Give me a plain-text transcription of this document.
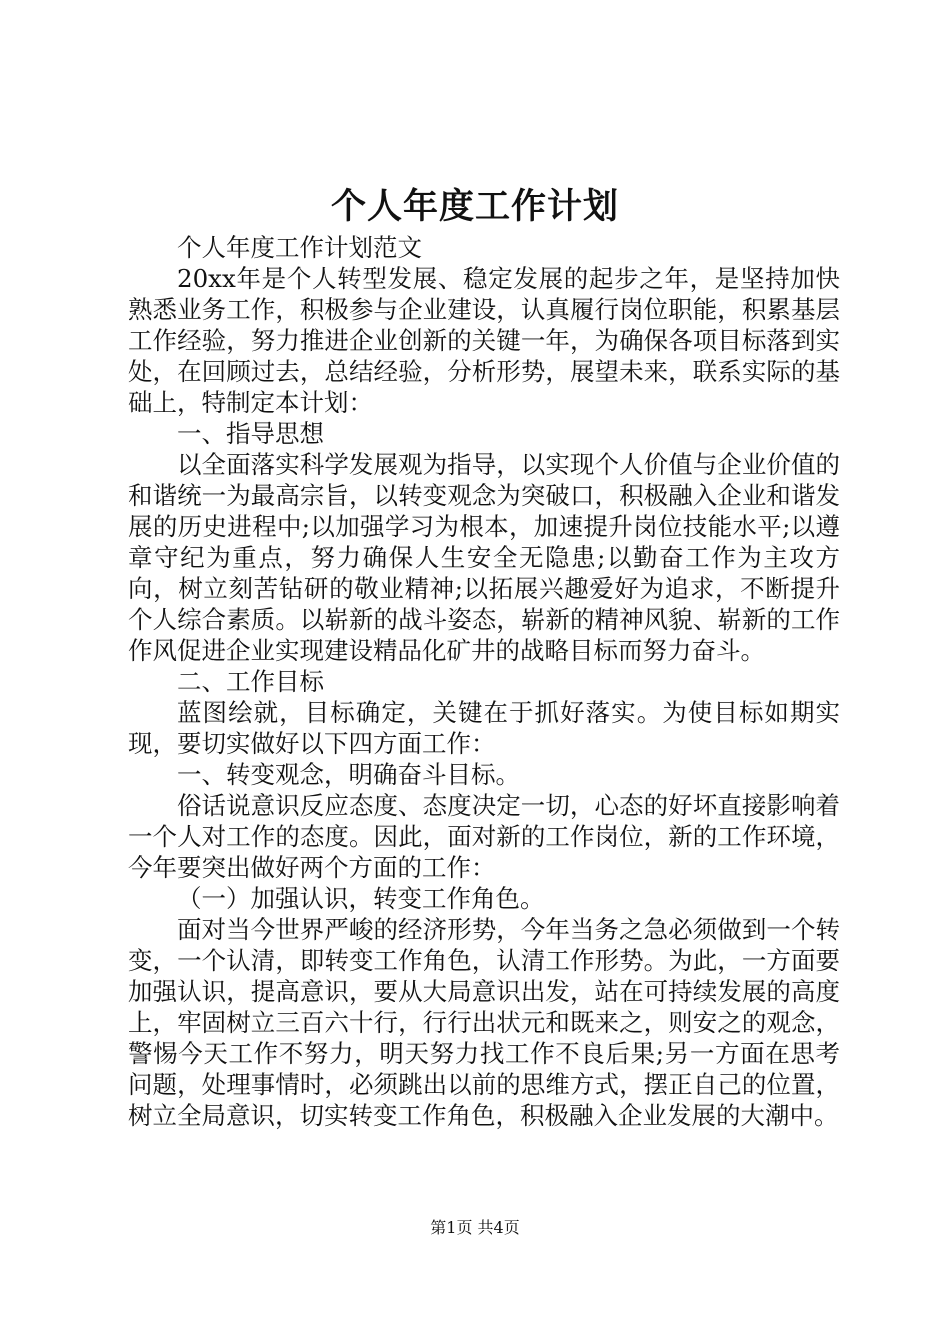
个人年度工作计划

个人年度工作计划范文

20xx年是个人转型发展、稳定发展的起步之年，是坚持加快熟悉业务工作，积极参与企业建设，认真履行岗位职能，积累基层工作经验，努力推进企业创新的关键一年，为确保各项目标落到实处，在回顾过去，总结经验，分析形势，展望未来，联系实际的基础上，特制定本计划：

一、指导思想

以全面落实科学发展观为指导，以实现个人价值与企业价值的和谐统一为最高宗旨，以转变观念为突破口，积极融入企业和谐发展的历史进程中;以加强学习为根本，加速提升岗位技能水平;以遵章守纪为重点，努力确保人生安全无隐患;以勤奋工作为主攻方向，树立刻苦钻研的敬业精神;以拓展兴趣爱好为追求，不断提升个人综合素质。以崭新的战斗姿态，崭新的精神风貌、崭新的工作作风促进企业实现建设精品化矿井的战略目标而努力奋斗。

二、工作目标

蓝图绘就，目标确定，关键在于抓好落实。为使目标如期实现，要切实做好以下四方面工作：

一、转变观念，明确奋斗目标。

俗话说意识反应态度、态度决定一切，心态的好坏直接影响着一个人对工作的态度。因此，面对新的工作岗位，新的工作环境，今年要突出做好两个方面的工作：

（一）加强认识，转变工作角色。

面对当今世界严峻的经济形势，今年当务之急必须做到一个转变，一个认清，即转变工作角色，认清工作形势。为此，一方面要加强认识，提高意识，要从大局意识出发，站在可持续发展的高度上，牢固树立三百六十行，行行出状元和既来之，则安之的观念，警惕今天工作不努力，明天努力找工作不良后果;另一方面在思考问题，处理事情时，必须跳出以前的思维方式，摆正自己的位置，树立全局意识，切实转变工作角色，积极融入企业发展的大潮中。

第1页 共4页
